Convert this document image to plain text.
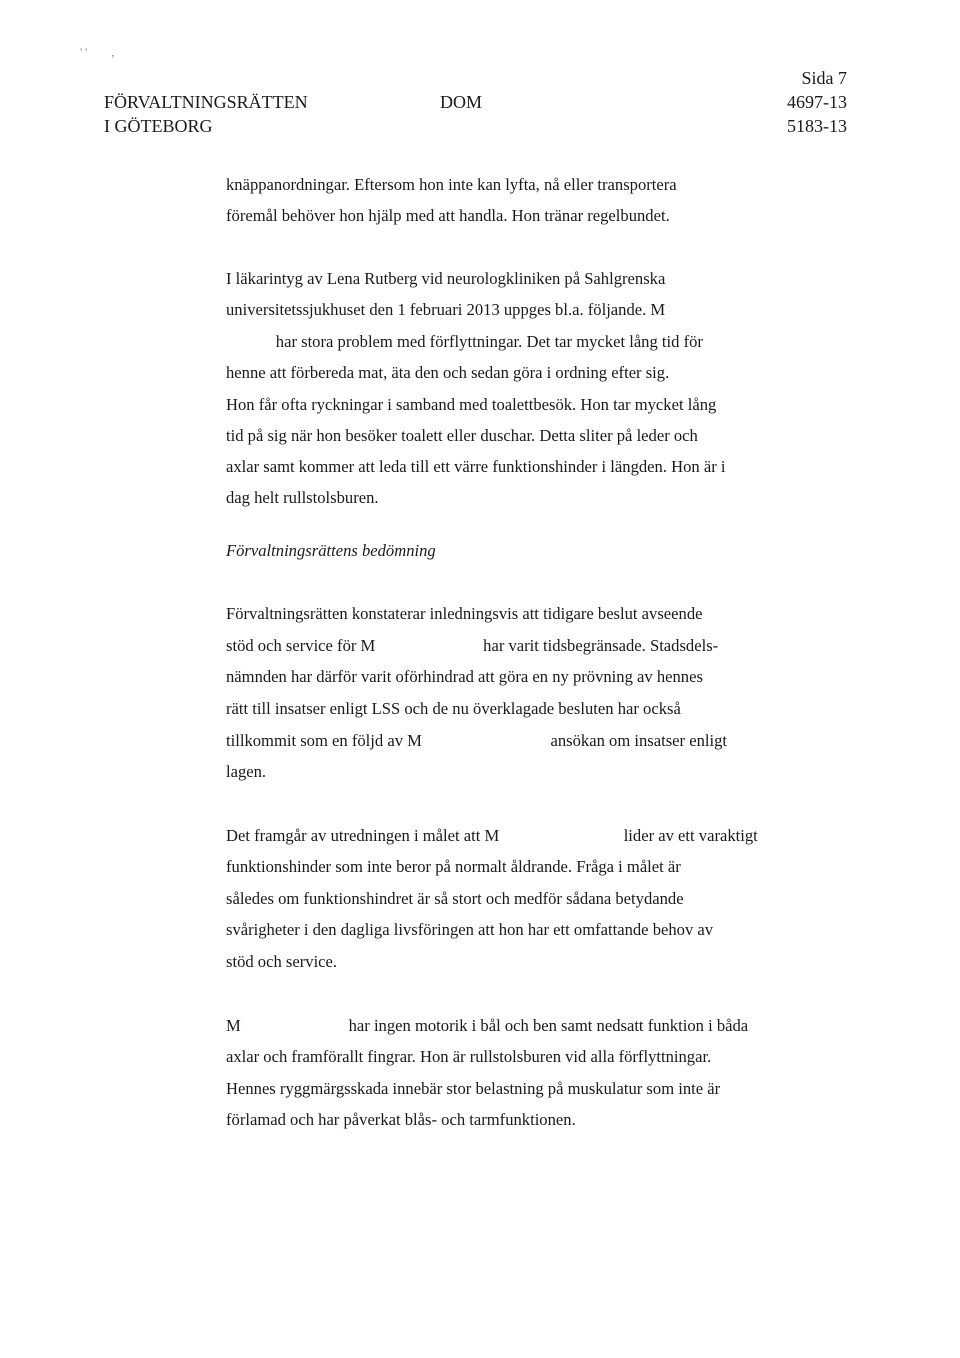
' '        ,
FÖRVALTNINGSRÄTTEN
I GÖTEBORG
DOM
Sida 7
4697-13
5183-13
knäppanordningar. Eftersom hon inte kan lyfta, nå eller transportera
föremål behöver hon hjälp med att handla. Hon tränar regelbundet.
I läkarintyg av Lena Rutberg vid neurologkliniken på Sahlgrenska
universitetssjukhuset den 1 februari 2013 uppges bl.a. följande. M
har stora problem med förflyttningar. Det tar mycket lång tid för
henne att förbereda mat, äta den och sedan göra i ordning efter sig.
Hon får ofta ryckningar i samband med toalettbesök. Hon tar mycket lång
tid på sig när hon besöker toalett eller duschar. Detta sliter på leder och
axlar samt kommer att leda till ett värre funktionshinder i längden. Hon är i
dag helt rullstolsburen.
Förvaltningsrättens bedömning
Förvaltningsrätten konstaterar inledningsvis att tidigare beslut avseende
stöd och service för M                          har varit tidsbegränsade. Stadsdels-
nämnden har därför varit oförhindrad att göra en ny prövning av hennes
rätt till insatser enligt LSS och de nu överklagade besluten har också
tillkommit som en följd av M                               ansökan om insatser enligt
lagen.
Det framgår av utredningen i målet att M                              lider av ett varaktigt
funktionshinder som inte beror på normalt åldrande. Fråga i målet är
således om funktionshindret är så stort och medför sådana betydande
svårigheter i den dagliga livsföringen att hon har ett omfattande behov av
stöd och service.
M                          har ingen motorik i bål och ben samt nedsatt funktion i båda
axlar och framförallt fingrar. Hon är rullstolsburen vid alla förflyttningar.
Hennes ryggmärgsskada innebär stor belastning på muskulatur som inte är
förlamad och har påverkat blås- och tarmfunktionen.
